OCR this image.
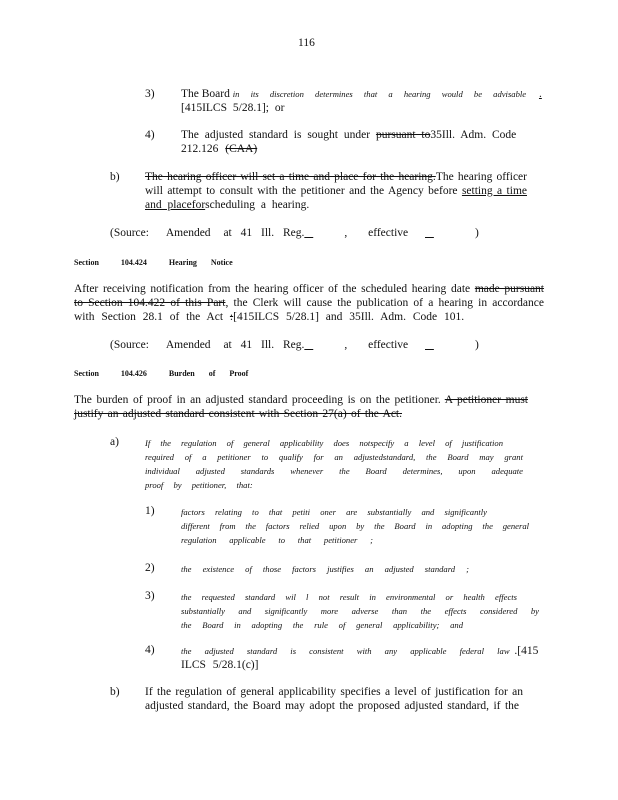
116
3) The Board in its discretion determines that a hearing would be advisable .
[415ILCS 5/28.1]; or
4) The adjusted standard is sought under pursuant to35Ill. Adm. Code
212.126 (CAA)
b) The hearing officer will set a time and place for the hearing.The hearing officer
will attempt to consult with the petitioner and the Agency before setting a time
and placeforscheduling a hearing.
(Source: Amended at 41 Ill. Reg.	, effective	)
Section	104.424	Hearing Notice
After receiving notification from the hearing officer of the scheduled hearing date made pursuant
to Section 104.422 of this Part, the Clerk will cause the publication of a hearing in accordance
with Section 28.1 of the Act :[415ILCS 5/28.1] and 35Ill. Adm. Code 101.
(Source: Amended at 41 Ill. Reg.	, effective	)
Section	104.426	Burden of Proof
The burden of proof in an adjusted standard proceeding is on the petitioner. A petitioner must
justify an adjusted standard consistent with Section 27(a) of the Act.
a)	If the regulation of general applicability does notspecify a level of justification
required of a petitioner to qualify for an adjustedstandard, the Board may grant
individual adjusted standards whenever the Board determines, upon adequate
proof by petitioner, that:
1)	factors relating to that petiti oner are substantially and significantly
different from the factors relied upon by the Board in adopting the general
regulation applicable to that petitioner ;
2)	the existence of those factors justifies an adjusted standard ;
3)	the requested standard wil l not result in environmental or health effects
substantially and significantly more adverse than the effects considered by
the Board in adopting the rule of general applicability; and
4)	the adjusted standard is consistent with any applicable federal law .[415
ILCS 5/28.1(c)]
b) If the regulation of general applicability specifies a level of justification for an
adjusted standard, the Board may adopt the proposed adjusted standard, if the
